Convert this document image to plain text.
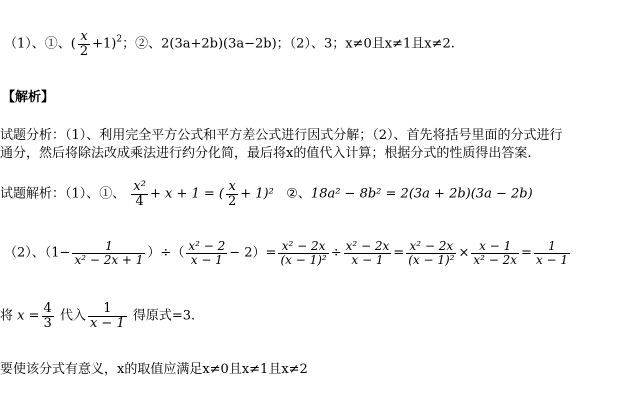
（1）、①、( $\frac{x}{2} +1)^2$；②、2(3a+2b)(3a−2b)；（2）、3；x≠0且x≠1且x≠2.
【解析】
试题分析：（1）、利用完全平方公式和平方差公式进行因式分解；（2）、首先将括号里面的分式进行
通分，然后将除法改成乘法进行约分化简，最后将x的值代入计算；根据分式的性质得出答案.
试题解析：（1）、①、 $\frac{\text{x²}}{4} + x + 1$ = ( $\frac{x}{2} + 1)^2$ ②、18a² − 8b² = 2(3a + 2b)(3a − 2b)
（2）、（$1- \frac{1}{\text{x² − 2x + 1}}$ ）÷（ $\frac{\text{x² − 2}}{x - 1} - 2)= \frac{\text{x² − 2x}}{\text{(x − 1)²}} \div \frac{\text{x² − 2x}}{x - 1} = \frac{\text{x² − 2x}}{\text{(x − 1)²}} \times \frac{x - 1}{\text{x² − 2x}} = \frac{1}{x - 1}$
将 $x = \frac{4}{3}$ 代入 $\frac{1}{x - 1}$ 得原式=3.
要使该分式有意义，x的取值应满足x≠0且x≠1且x≠2
